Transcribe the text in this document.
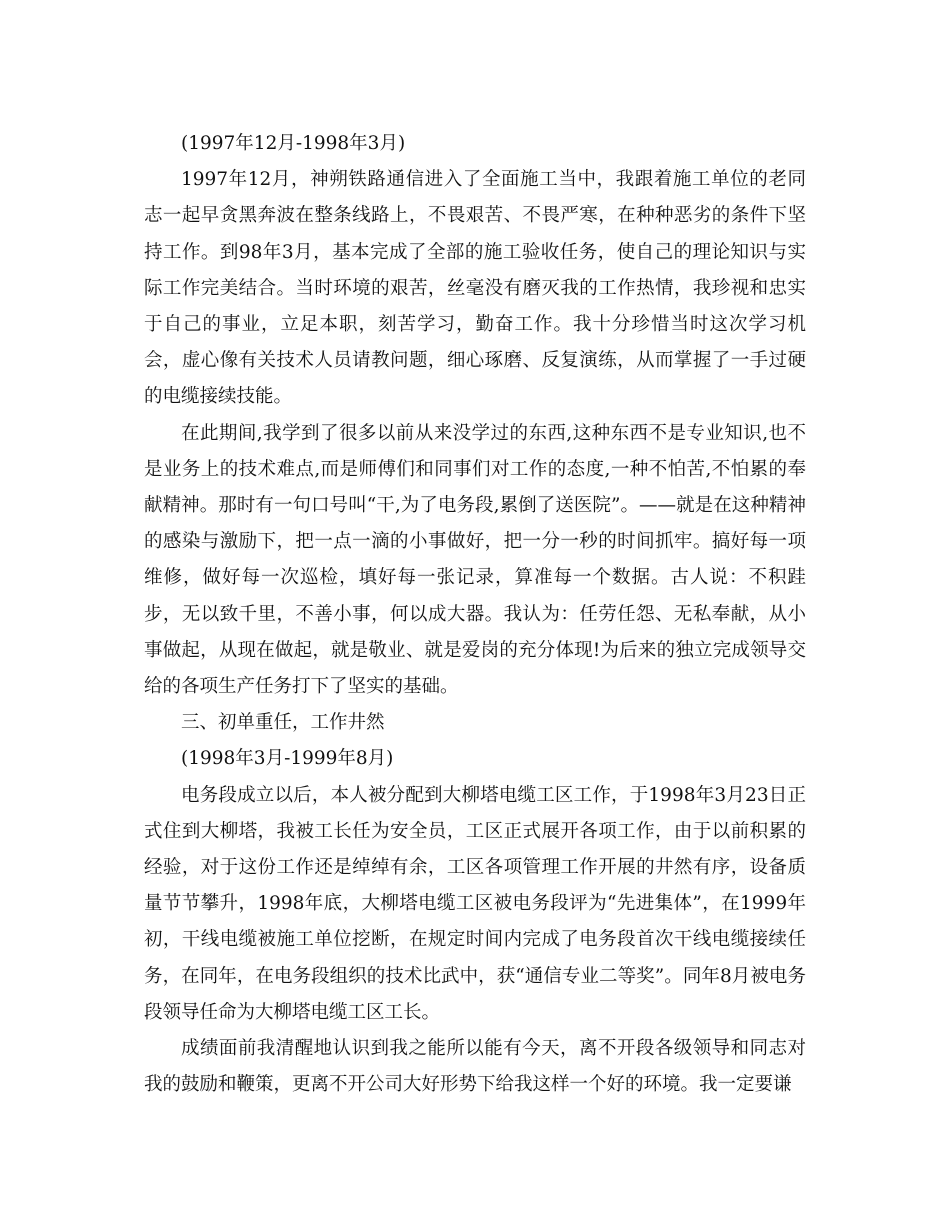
(1997年12月-1998年3月)

1997年12月，神朔铁路通信进入了全面施工当中，我跟着施工单位的老同志一起早贪黑奔波在整条线路上，不畏艰苦、不畏严寒，在种种恶劣的条件下坚持工作。到98年3月，基本完成了全部的施工验收任务，使自己的理论知识与实际工作完美结合。当时环境的艰苦，丝毫没有磨灭我的工作热情，我珍视和忠实于自己的事业，立足本职，刻苦学习，勤奋工作。我十分珍惜当时这次学习机会，虚心像有关技术人员请教问题，细心琢磨、反复演练，从而掌握了一手过硬的电缆接续技能。

在此期间,我学到了很多以前从来没学过的东西,这种东西不是专业知识,也不是业务上的技术难点,而是师傅们和同事们对工作的态度,一种不怕苦,不怕累的奉献精神。那时有一句口号叫“干,为了电务段,累倒了送医院”。——就是在这种精神的感染与激励下，把一点一滴的小事做好，把一分一秒的时间抓牢。搞好每一项维修，做好每一次巡检，填好每一张记录，算准每一个数据。古人说：不积跬步，无以致千里，不善小事，何以成大器。我认为：任劳任怨、无私奉献，从小事做起，从现在做起，就是敬业、就是爱岗的充分体现!为后来的独立完成领导交给的各项生产任务打下了坚实的基础。

三、初单重任，工作井然

(1998年3月-1999年8月)

电务段成立以后，本人被分配到大柳塔电缆工区工作，于1998年3月23日正式住到大柳塔，我被工长任为安全员，工区正式展开各项工作，由于以前积累的经验，对于这份工作还是绰绰有余，工区各项管理工作开展的井然有序，设备质量节节攀升，1998年底，大柳塔电缆工区被电务段评为“先进集体”，在1999年初，干线电缆被施工单位挖断，在规定时间内完成了电务段首次干线电缆接续任务，在同年，在电务段组织的技术比武中，获“通信专业二等奖”。同年8月被电务段领导任命为大柳塔电缆工区工长。

成绩面前我清醒地认识到我之能所以能有今天，离不开段各级领导和同志对我的鼓励和鞭策，更离不开公司大好形势下给我这样一个好的环境。我一定要谦
